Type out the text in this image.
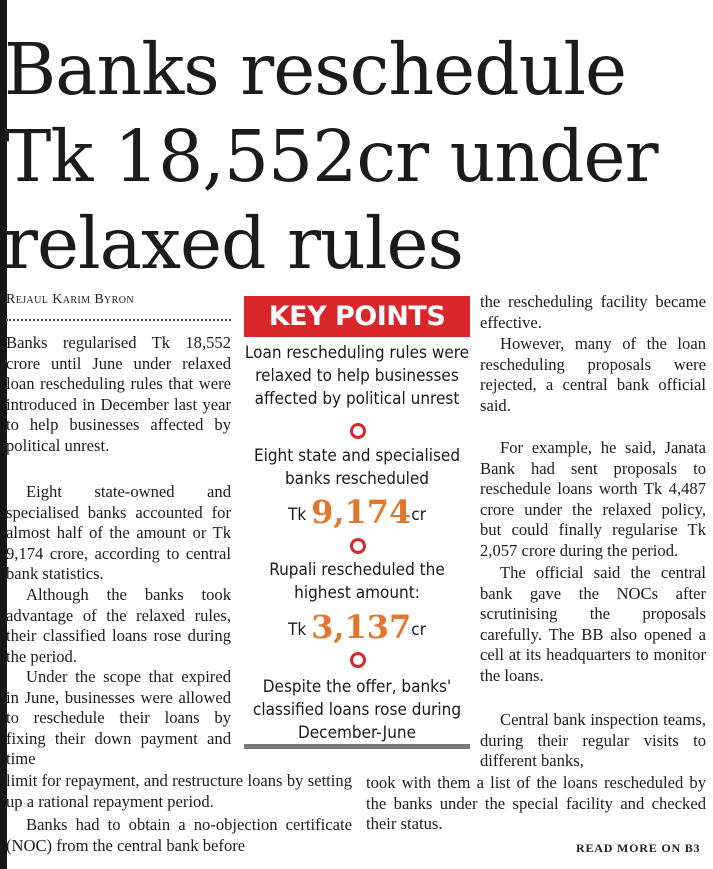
Banks reschedule Tk 18,552cr under relaxed rules
Rejaul Karim Byron

Banks regularised Tk 18,552 crore until June under relaxed loan rescheduling rules that were introduced in December last year to help businesses affected by political unrest.

Eight state-owned and specialised banks accounted for almost half of the amount or Tk 9,174 crore, according to central bank statistics.

Although the banks took advantage of the relaxed rules, their classified loans rose during the period.

Under the scope that expired in June, businesses were allowed to reschedule their loans by fixing their down payment and time

limit for repayment, and restructure loans by setting up a rational repayment period.

Banks had to obtain a no-objection certificate (NOC) from the central bank before

KEY POINTS
Loan rescheduling rules were relaxed to help businesses affected by political unrest
Eight state and specialised banks rescheduled
Tk 9,174cr
Rupali rescheduled the highest amount:
Tk 3,137cr
Despite the offer, banks' classified loans rose during December-June

the rescheduling facility became effective.

However, many of the loan rescheduling proposals were rejected, a central bank official said.

For example, he said, Janata Bank had sent proposals to reschedule loans worth Tk 4,487 crore under the relaxed policy, but could finally regularise Tk 2,057 crore during the period.

The official said the central bank gave the NOCs after scrutinising the proposals carefully. The BB also opened a cell at its headquarters to monitor the loans.

Central bank inspection teams, during their regular visits to different banks,

took with them a list of the loans rescheduled by the banks under the special facility and checked their status.

READ MORE ON B3
